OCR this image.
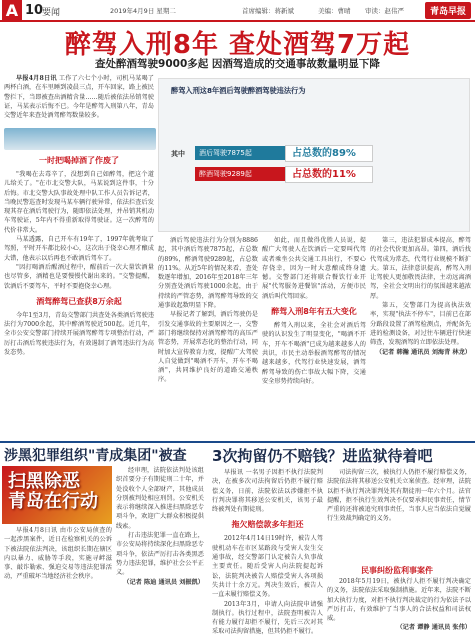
A 10
要闻	2019年4月9日 星期二	首席编辑：蒋新斌	美编：曹晴 审读：赵伟严	青岛早报
醉驾入刑8年 查处酒驾7万起
查处醉酒驾驶9000多起 因酒驾造成的交通事故数量明显下降

早报4月8日讯 工作了六七个小时，司机马某喝了两杯白酒，在车里睡到凌晨三点，开车回家，路上被民警拦下，当即被查出酒精含量……随后被依法吊销驾驶证，马某表示后悔不已。今年是醉驾入刑第八年，青岛交警近年来查处酒驾醉驾数量较多。

一时把喝掉酒了作废了

"我喝在去毒辛了，没想到自己如醉驾，把这个道儿给关了。"在市北交警大队，马某说到这件事，十分后悔。市北交警大队事故处理中队工作人员告诉记者，当晚民警巡查时发现马某车辆行驶异常，依法拦查后发现其存在酒后驾驶行为，随即依法处理，并吊销其机动车驾驶证，5年内不得重新取得驾驶证。这一次醉驾的代价非常大。

马某透露，自己开车有19年了，1997年就考取了驾照，平时开车都比较小心，这次出于侥幸心理才酿成大错，他表示以后再也不敢酒后驾车了。

"因打喝酒后醒酒过程中，醒前后一次大量饮酒量也尽管多，酒精也是要慢慢代谢出来的。"交警提醒，饮酒后不要驾车，平时不要抱侥幸心理。

酒驾醉驾已查获8万余起

今年1至3月，青岛交警部门共查处各类酒后驾驶违法行为7000余起，其中醉酒驾驶近500起。近几年，全市公安交警部门持续开展酒驾醉驾专项整治行动，严厉打击酒后驾驶违法行为，有效遏制了酒驾违法行为高发态势。

醉驾入刑这8年酒后驾驶醉酒驾驶违法行为
其中	酒后驾驶7875起	占总数的89%
醉酒驾驶9289起	占总数的11%

酒后驾驶违法行为分别为8886起，其中酒后驾驶7875起，占总数的89%，醉酒驾驶9289起，占总数的11%。从近5年的情况来看，查处数逐年增加，2016年至2018年三年分别查处酒后驾驶1000余起，由于持续的严管态势，酒驾醉驾导致的交通事故起数明显下降。

早报记者了解到，酒后驾驶仍是引发交通事故的主要原因之一，交警部门将继续保持对酒驾醉驾的高压严管态势，开展常态化的整治行动，同时加大宣传教育力度，提醒广大驾驶人自觉做到"喝酒不开车，开车不喝酒"，共同维护良好的道路交通秩序。

如此，而且做得优胜人员说，提醒广大驾驶人在饮酒后一定要叫代驾或者乘坐公共交通工具出行，不要心存侥幸，因为一时大意酿成终身遗憾。交警部门还将联合餐饮行业开展"代驾服务进餐馆"活动，方便市民酒后叫代驾回家。

醉驾入刑8年有五大变化

醉驾入刑以来，全社会对酒后驾驶的认识发生了明显变化，"喝酒不开车，开车不喝酒"已成为越来越多人的共识，市民主动举报酒驾醉驾的情况越来越多，代驾行业快速发展，酒驾醉驾导致的伤亡事故大幅下降，交通安全形势持续向好。

第三，违法犯罪成本提高，醉驾的社会代价更加高昂。第四，酒后找代驾成为常态，代驾行业规模不断扩大。第五，法律意识提高，醉驾入刑让驾驶人更加敬畏法律，主动远离酒驾，全社会文明出行的氛围越来越浓厚。

第五，交警部门为提高执法效率，实现"执法不停车"，目前已在部分路段设置了酒驾检测点，并配备先进的检测设备，对过往车辆进行快速筛查，发现酒驾的立即依法处理。

（记者 韩瀚 通讯员 刘海青 林龙）

涉黑犯罪组织"青成集团"被查
扫黑除恶
青岛在行动

早报4月8日讯 由市公安局侦查的一起涉黑案件，近日在检察机关的公诉下被法院依法判决，该组织长期在辖区内以暴力、威胁等手段，实施寻衅滋事、敲诈勒索、强迫交易等违法犯罪活动，严重破坏当地经济社会秩序。

经审理，法院依法判处该组织首要分子有期徒刑二十年，并处没收个人全部财产，其他成员分别被判处相应刑罚。公安机关表示将继续深入推进扫黑除恶专项斗争，欢迎广大群众积极提供线索。

打击违法犯罪一直在路上，市公安局将持续深化扫黑除恶专项斗争，依法严厉打击各类黑恶势力违法犯罪，维护社会公平正义。

（记者 陈迪 通讯员 刘振凯）

3次拘留仍不赔钱？进监狱待着吧

早报讯 一名男子因拒不执行法院判决，在被多次司法拘留后仍拒不履行赔偿义务，日前，法院依法以涉嫌拒不执行判决罪将其移送公安机关，该男子最终被判处有期徒刑。

拖欠赔偿款多年拒还

2012年4月14日19时许，被告人驾驶机动车在市区某路段与受害人发生交通事故，经交警部门认定被告人负事故主要责任。随后受害人向法院提起诉讼，法院判决被告人赔偿受害人各项损失共计十余万元。判决生效后，被告人一直未履行赔偿义务。

2013年3月，申请人向法院申请强制执行。执行过程中，法院查明被告人有能力履行却拒不履行，先后三次对其采取司法拘留措施，但其仍拒不履行。

司法拘留三次，被执行人仍拒不履行赔偿义务，法院依法将其移送公安机关立案侦查。经审理，法院以拒不执行判决罪判处其有期徒刑一年六个月。法官提醒，拒不执行生效判决不仅要承担民事责任，情节严重的还将被追究刑事责任，当事人应当依法自觉履行生效裁判确定的义务。

民事纠纷监利事案件

2018年5月19日，被执行人拒不履行判决确定的义务，法院依法采取强制措施。近年来，法院不断加大执行力度，对拒不执行判决裁定的行为依法予以严厉打击，有效维护了当事人的合法权益和司法权威。

（记者 谭静 通讯员 张伟）
